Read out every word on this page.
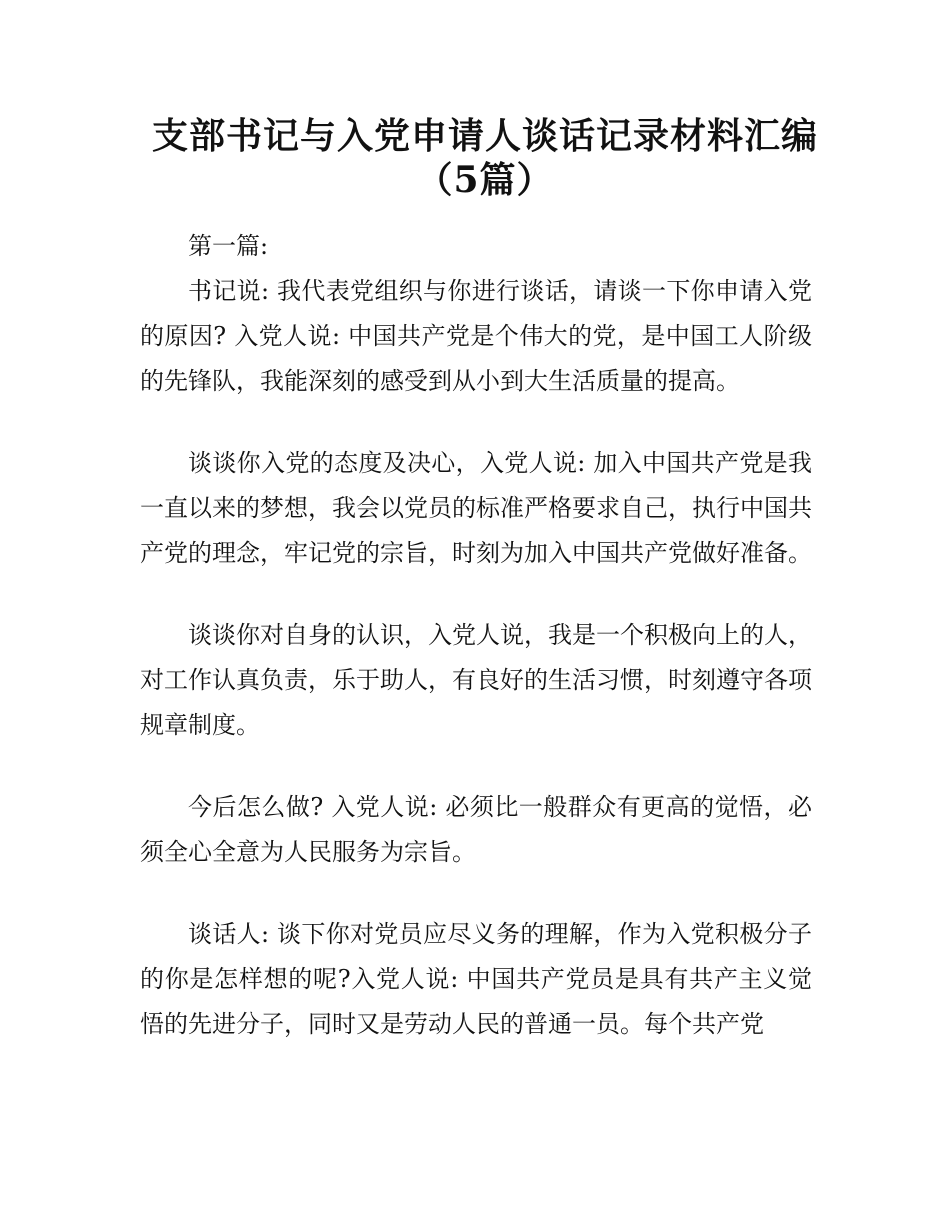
支部书记与入党申请人谈话记录材料汇编
（5篇）

第一篇:

书记说: 我代表党组织与你进行谈话，请谈一下你申请入党的原因? 入党人说: 中国共产党是个伟大的党，是中国工人阶级的先锋队，我能深刻的感受到从小到大生活质量的提高。

谈谈你入党的态度及决心，入党人说: 加入中国共产党是我一直以来的梦想，我会以党员的标准严格要求自己，执行中国共产党的理念，牢记党的宗旨，时刻为加入中国共产党做好准备。

谈谈你对自身的认识，入党人说，我是一个积极向上的人，对工作认真负责，乐于助人，有良好的生活习惯，时刻遵守各项规章制度。

今后怎么做? 入党人说: 必须比一般群众有更高的觉悟，必须全心全意为人民服务为宗旨。

谈话人: 谈下你对党员应尽义务的理解，作为入党积极分子的你是怎样想的呢?入党人说: 中国共产党员是具有共产主义觉悟的先进分子，同时又是劳动人民的普通一员。每个共产党
